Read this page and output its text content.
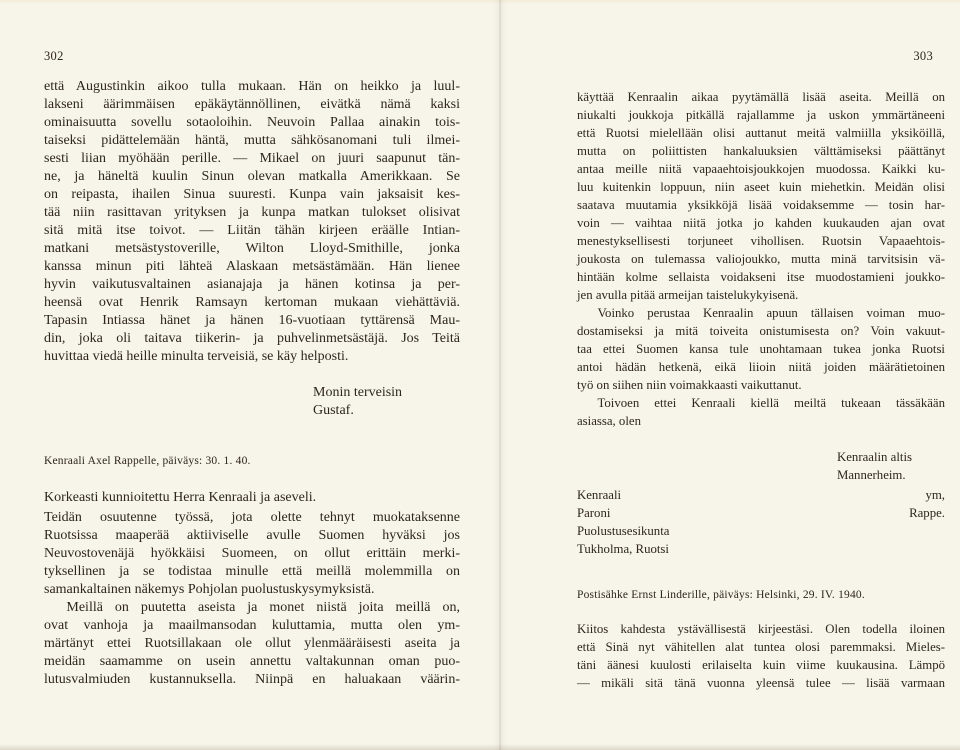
302
että Augustinkin aikoo tulla mukaan. Hän on heikko ja luul-
lakseni äärimmäisen epäkäytännöllinen, eivätkä nämä kaksi
ominaisuutta sovellu sotaoloihin. Neuvoin Pallaa ainakin tois-
taiseksi pidättelemään häntä, mutta sähkösanomani tuli ilmei-
sesti liian myöhään perille. — Mikael on juuri saapunut tän-
ne, ja häneltä kuulin Sinun olevan matkalla Amerikkaan. Se
on reipasta, ihailen Sinua suuresti. Kunpa vain jaksaisit kes-
tää niin rasittavan yrityksen ja kunpa matkan tulokset olisivat
sitä mitä itse toivot. — Liitän tähän kirjeen eräälle Intian-
matkani metsästystoverille, Wilton Lloyd-Smithille, jonka
kanssa minun piti lähteä Alaskaan metsästämään. Hän lienee
hyvin vaikutusvaltainen asianajaja ja hänen kotinsa ja per-
heensä ovat Henrik Ramsayn kertoman mukaan viehättäviä.
Tapasin Intiassa hänet ja hänen 16-vuotiaan tyttärensä Mau-
din, joka oli taitava tiikerin- ja puhvelinmetsästäjä. Jos Teitä
huvittaa viedä heille minulta terveisiä, se käy helposti.
Monin terveisin
Gustaf.
Kenraali Axel Rappelle, päiväys: 30. 1. 40.
Korkeasti kunnioitettu Herra Kenraali ja aseveli.
Teidän osuutenne työssä, jota olette tehnyt muokataksenne
Ruotsissa maaperää aktiiviselle avulle Suomen hyväksi jos
Neuvostovenäjä hyökkäisi Suomeen, on ollut erittäin merki-
tyksellinen ja se todistaa minulle että meillä molemmilla on
samankaltainen näkemys Pohjolan puolustuskysymyksistä.
Meillä on puutetta aseista ja monet niistä joita meillä on,
ovat vanhoja ja maailmansodan kuluttamia, mutta olen ym-
märtänyt ettei Ruotsillakaan ole ollut ylenmääräisesti aseita ja
meidän saamamme on usein annettu valtakunnan oman puo-
lutusvalmiuden kustannuksella. Niinpä en haluakaan väärin-
303
käyttää Kenraalin aikaa pyytämällä lisää aseita. Meillä on
niukalti joukkoja pitkällä rajallamme ja uskon ymmärtäneeni
että Ruotsi mielellään olisi auttanut meitä valmiilla yksiköillä,
mutta on poliittisten hankaluuksien välttämiseksi päättänyt
antaa meille niitä vapaaehtoisjoukkojen muodossa. Kaikki ku-
luu kuitenkin loppuun, niin aseet kuin miehetkin. Meidän olisi
saatava muutamia yksikköjä lisää voidaksemme — tosin har-
voin — vaihtaa niitä jotka jo kahden kuukauden ajan ovat
menestyksellisesti torjuneet vihollisen. Ruotsin Vapaaehtois-
joukosta on tulemassa valiojoukko, mutta minä tarvitsisin vä-
hintään kolme sellaista voidakseni itse muodostamieni joukko-
jen avulla pitää armeijan taistelukykyisenä.
Voinko perustaa Kenraalin apuun tällaisen voiman muo-
dostamiseksi ja mitä toiveita onistumisesta on? Voin vakuut-
taa ettei Suomen kansa tule unohtamaan tukea jonka Ruotsi
antoi hädän hetkenä, eikä liioin niitä joiden määrätietoinen
työ on siihen niin voimakkaasti vaikuttanut.
Toivoen ettei Kenraali kiellä meiltä tukeaan tässäkään
asiassa, olen
Kenraalin altis
Mannerheim.
Kenraali ym,
Paroni Rappe.
Puolustusesikunta
Tukholma, Ruotsi
Postisähke Ernst Linderille, päiväys: Helsinki, 29. IV. 1940.
Kiitos kahdesta ystävällisestä kirjeestäsi. Olen todella iloinen
että Sinä nyt vähitellen alat tuntea olosi paremmaksi. Mieles-
täni äänesi kuulosti erilaiselta kuin viime kuukausina. Lämpö
— mikäli sitä tänä vuonna yleensä tulee — lisää varmaan
